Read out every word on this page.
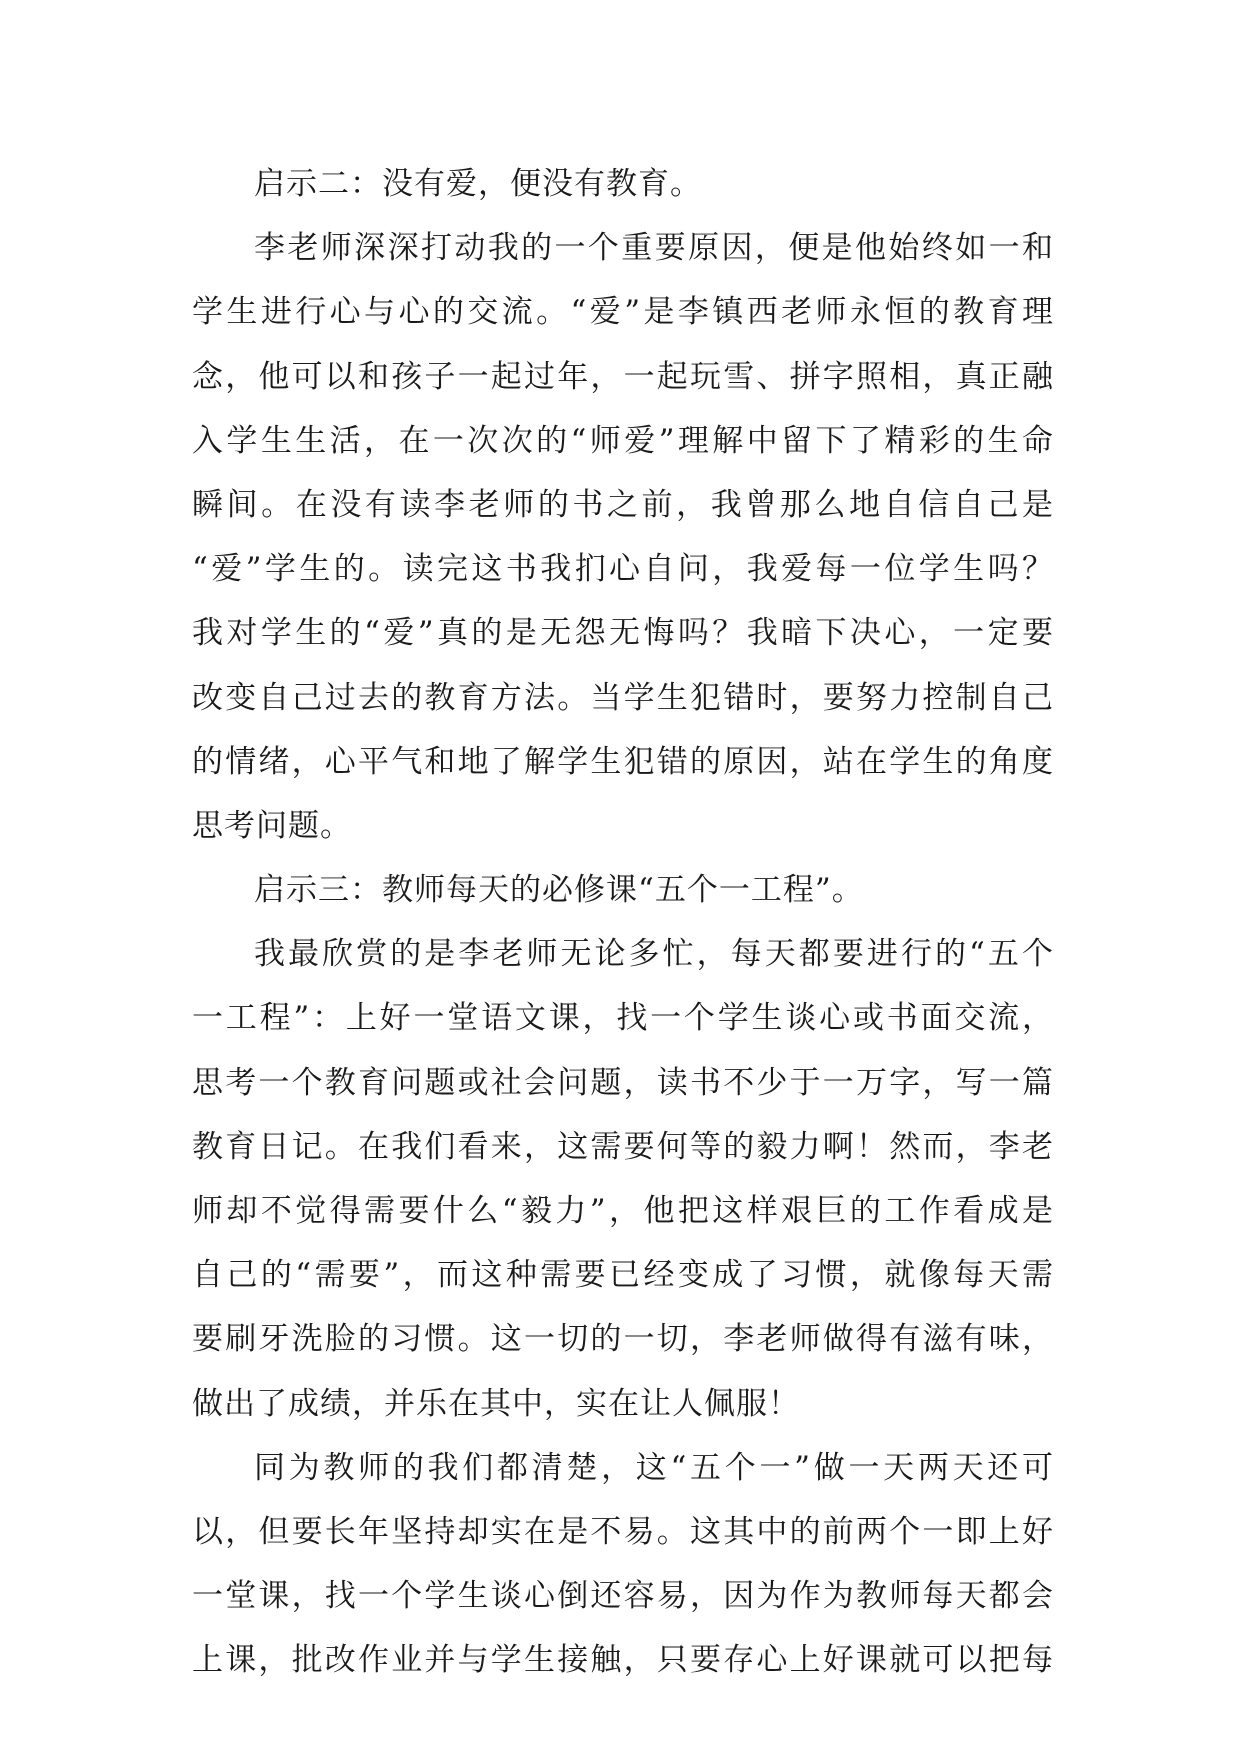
启示二：没有爱，便没有教育。
李老师深深打动我的一个重要原因，便是他始终如一和
学生进行心与心的交流。“爱”是李镇西老师永恒的教育理
念，他可以和孩子一起过年，一起玩雪、拼字照相，真正融
入学生生活，在一次次的“师爱”理解中留下了精彩的生命
瞬间。在没有读李老师的书之前，我曾那么地自信自己是
“爱”学生的。读完这书我扪心自问，我爱每一位学生吗？
我对学生的“爱”真的是无怨无悔吗？我暗下决心，一定要
改变自己过去的教育方法。当学生犯错时，要努力控制自己
的情绪，心平气和地了解学生犯错的原因，站在学生的角度
思考问题。
启示三：教师每天的必修课“五个一工程”。
我最欣赏的是李老师无论多忙，每天都要进行的“五个
一工程”：上好一堂语文课，找一个学生谈心或书面交流，
思考一个教育问题或社会问题，读书不少于一万字，写一篇
教育日记。在我们看来，这需要何等的毅力啊！然而，李老
师却不觉得需要什么“毅力”，他把这样艰巨的工作看成是
自己的“需要”，而这种需要已经变成了习惯，就像每天需
要刷牙洗脸的习惯。这一切的一切，李老师做得有滋有味，
做出了成绩，并乐在其中，实在让人佩服！
同为教师的我们都清楚，这“五个一”做一天两天还可
以，但要长年坚持却实在是不易。这其中的前两个一即上好
一堂课，找一个学生谈心倒还容易，因为作为教师每天都会
上课，批改作业并与学生接触，只要存心上好课就可以把每
